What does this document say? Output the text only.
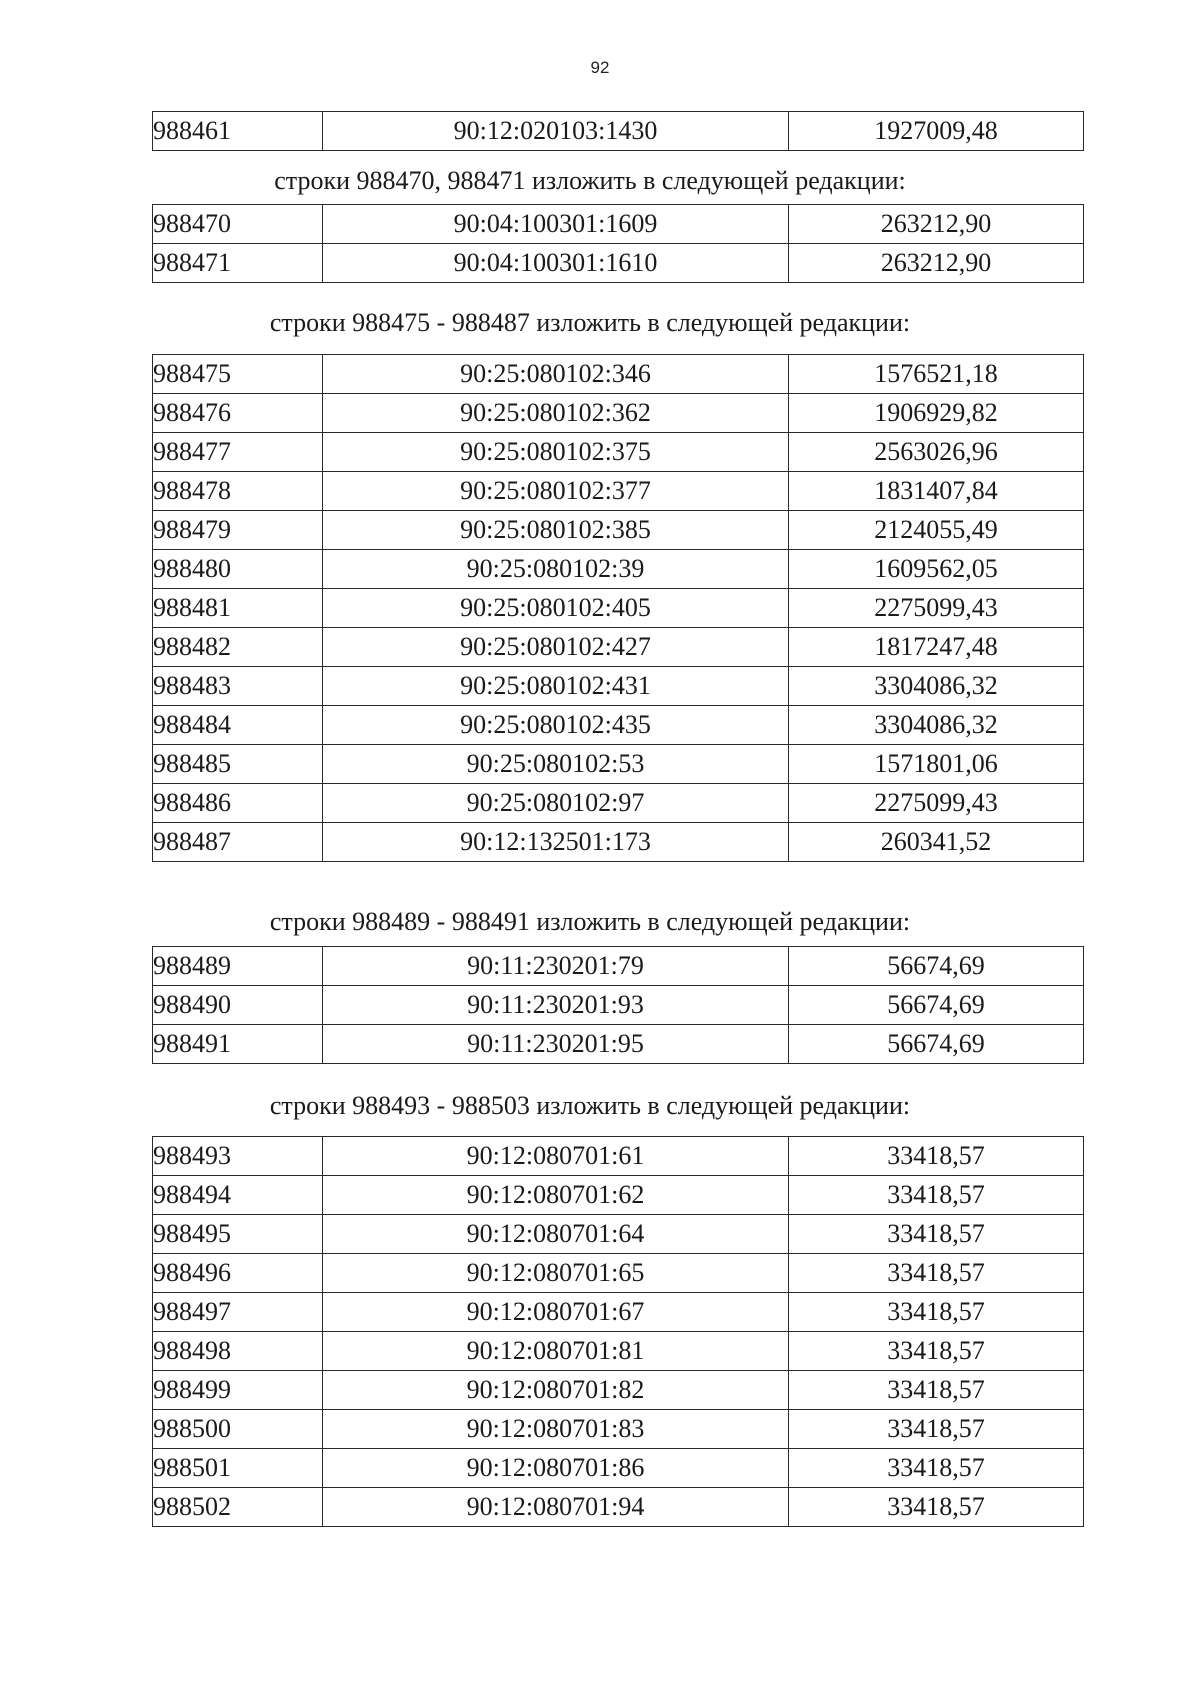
92
988461	90:12:020103:1430	1927009,48
строки 988470, 988471 изложить в следующей редакции:
988470	90:04:100301:1609	263212,90
988471	90:04:100301:1610	263212,90
строки 988475 - 988487 изложить в следующей редакции:
988475	90:25:080102:346	1576521,18
988476	90:25:080102:362	1906929,82
988477	90:25:080102:375	2563026,96
988478	90:25:080102:377	1831407,84
988479	90:25:080102:385	2124055,49
988480	90:25:080102:39	1609562,05
988481	90:25:080102:405	2275099,43
988482	90:25:080102:427	1817247,48
988483	90:25:080102:431	3304086,32
988484	90:25:080102:435	3304086,32
988485	90:25:080102:53	1571801,06
988486	90:25:080102:97	2275099,43
988487	90:12:132501:173	260341,52
строки 988489 - 988491 изложить в следующей редакции:
988489	90:11:230201:79	56674,69
988490	90:11:230201:93	56674,69
988491	90:11:230201:95	56674,69
строки 988493 - 988503 изложить в следующей редакции:
988493	90:12:080701:61	33418,57
988494	90:12:080701:62	33418,57
988495	90:12:080701:64	33418,57
988496	90:12:080701:65	33418,57
988497	90:12:080701:67	33418,57
988498	90:12:080701:81	33418,57
988499	90:12:080701:82	33418,57
988500	90:12:080701:83	33418,57
988501	90:12:080701:86	33418,57
988502	90:12:080701:94	33418,57
